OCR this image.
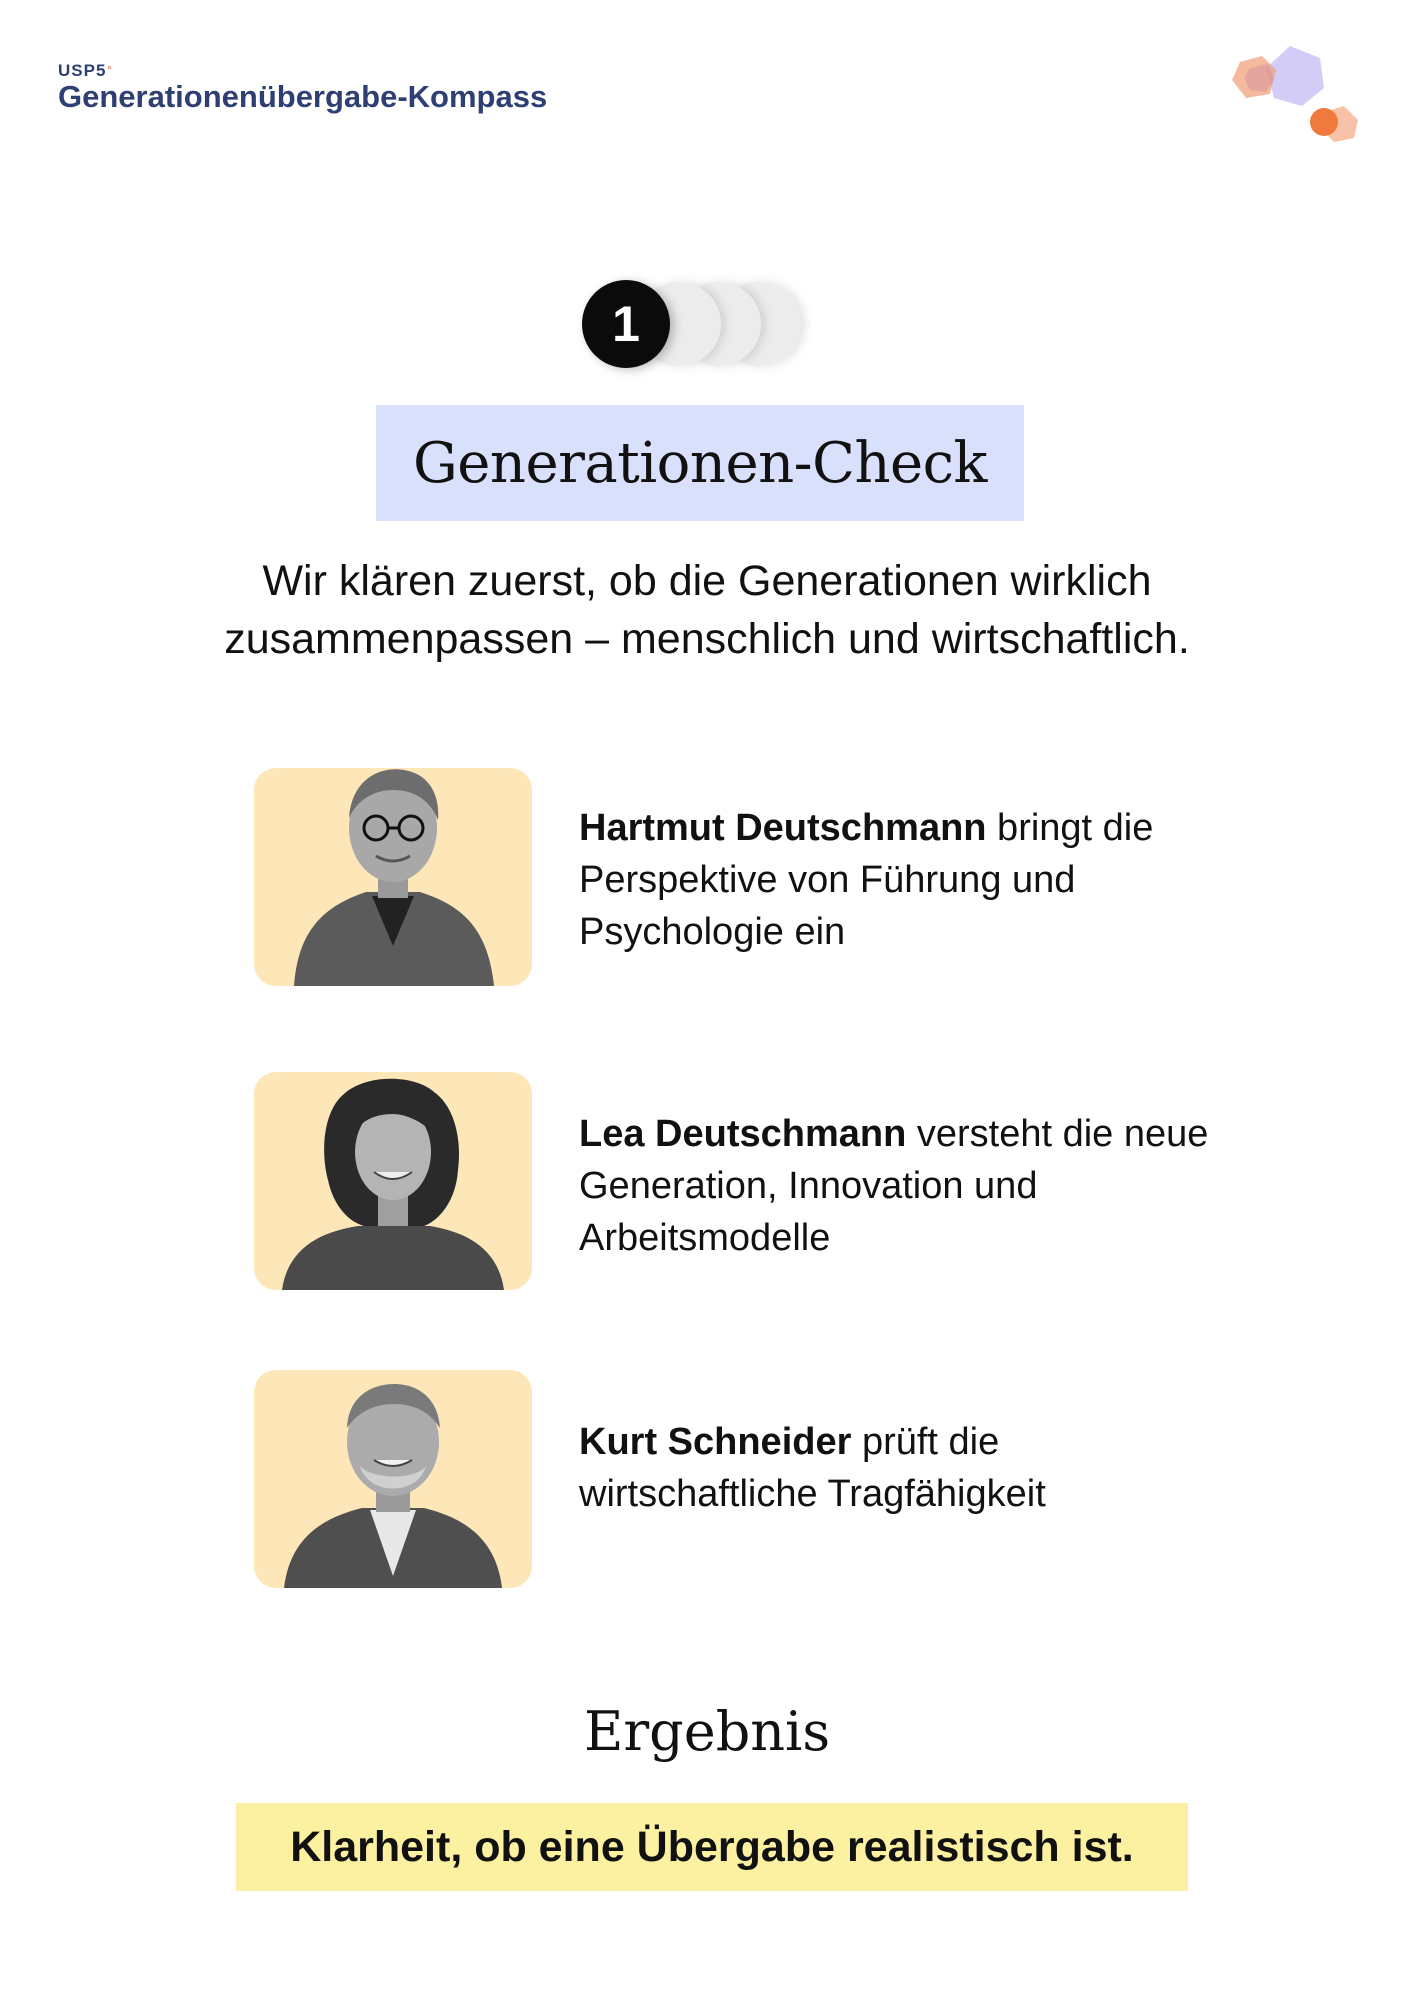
USP5°
Generationenübergabe-Kompass
1
Generationen-Check
Wir klären zuerst, ob die Generationen wirklich zusammenpassen – menschlich und wirtschaftlich.
Hartmut Deutschmann bringt die Perspektive von Führung und Psychologie ein
Lea Deutschmann versteht die neue Generation, Innovation und Arbeitsmodelle
Kurt Schneider prüft die wirtschaftliche Tragfähigkeit
Ergebnis
Klarheit, ob eine Übergabe realistisch ist.
